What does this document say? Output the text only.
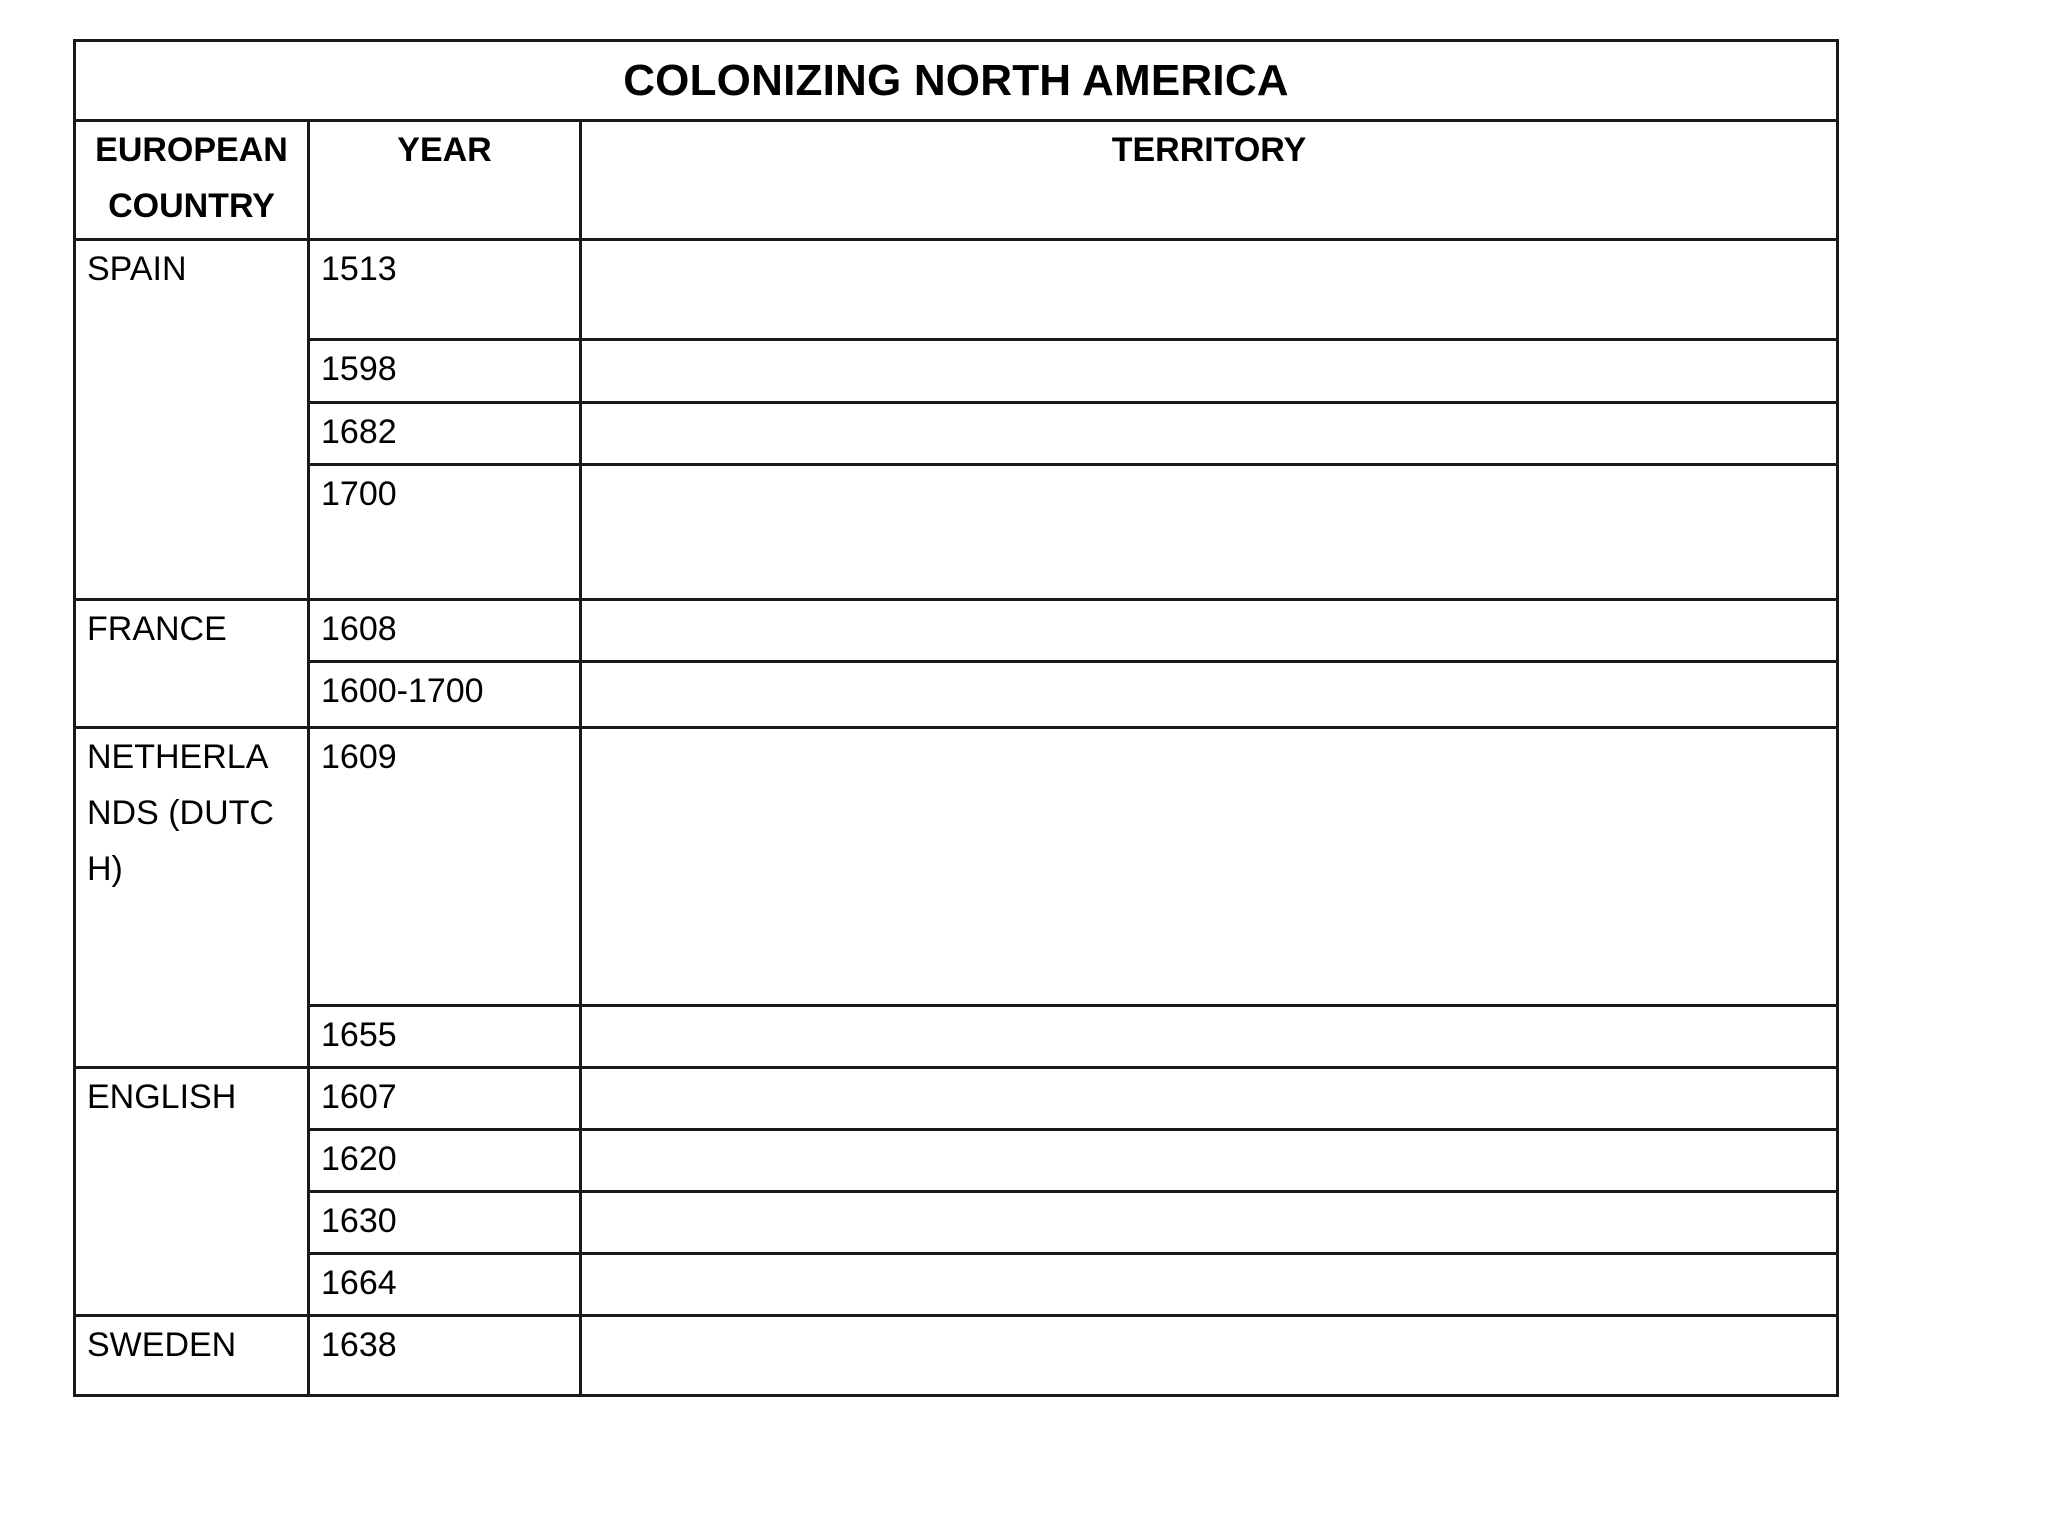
COLONIZING NORTH AMERICA		

EUROPEAN
COUNTRY	YEAR	TERRITORY
SPAIN	1513	
	1598	
	1682	
	1700	
FRANCE	1608	
	1600-1700	

NETHERLANDS (DUTCH)	1609	
	1655	
ENGLISH	1607	
	1620	
	1630	
	1664	
SWEDEN	1638	
